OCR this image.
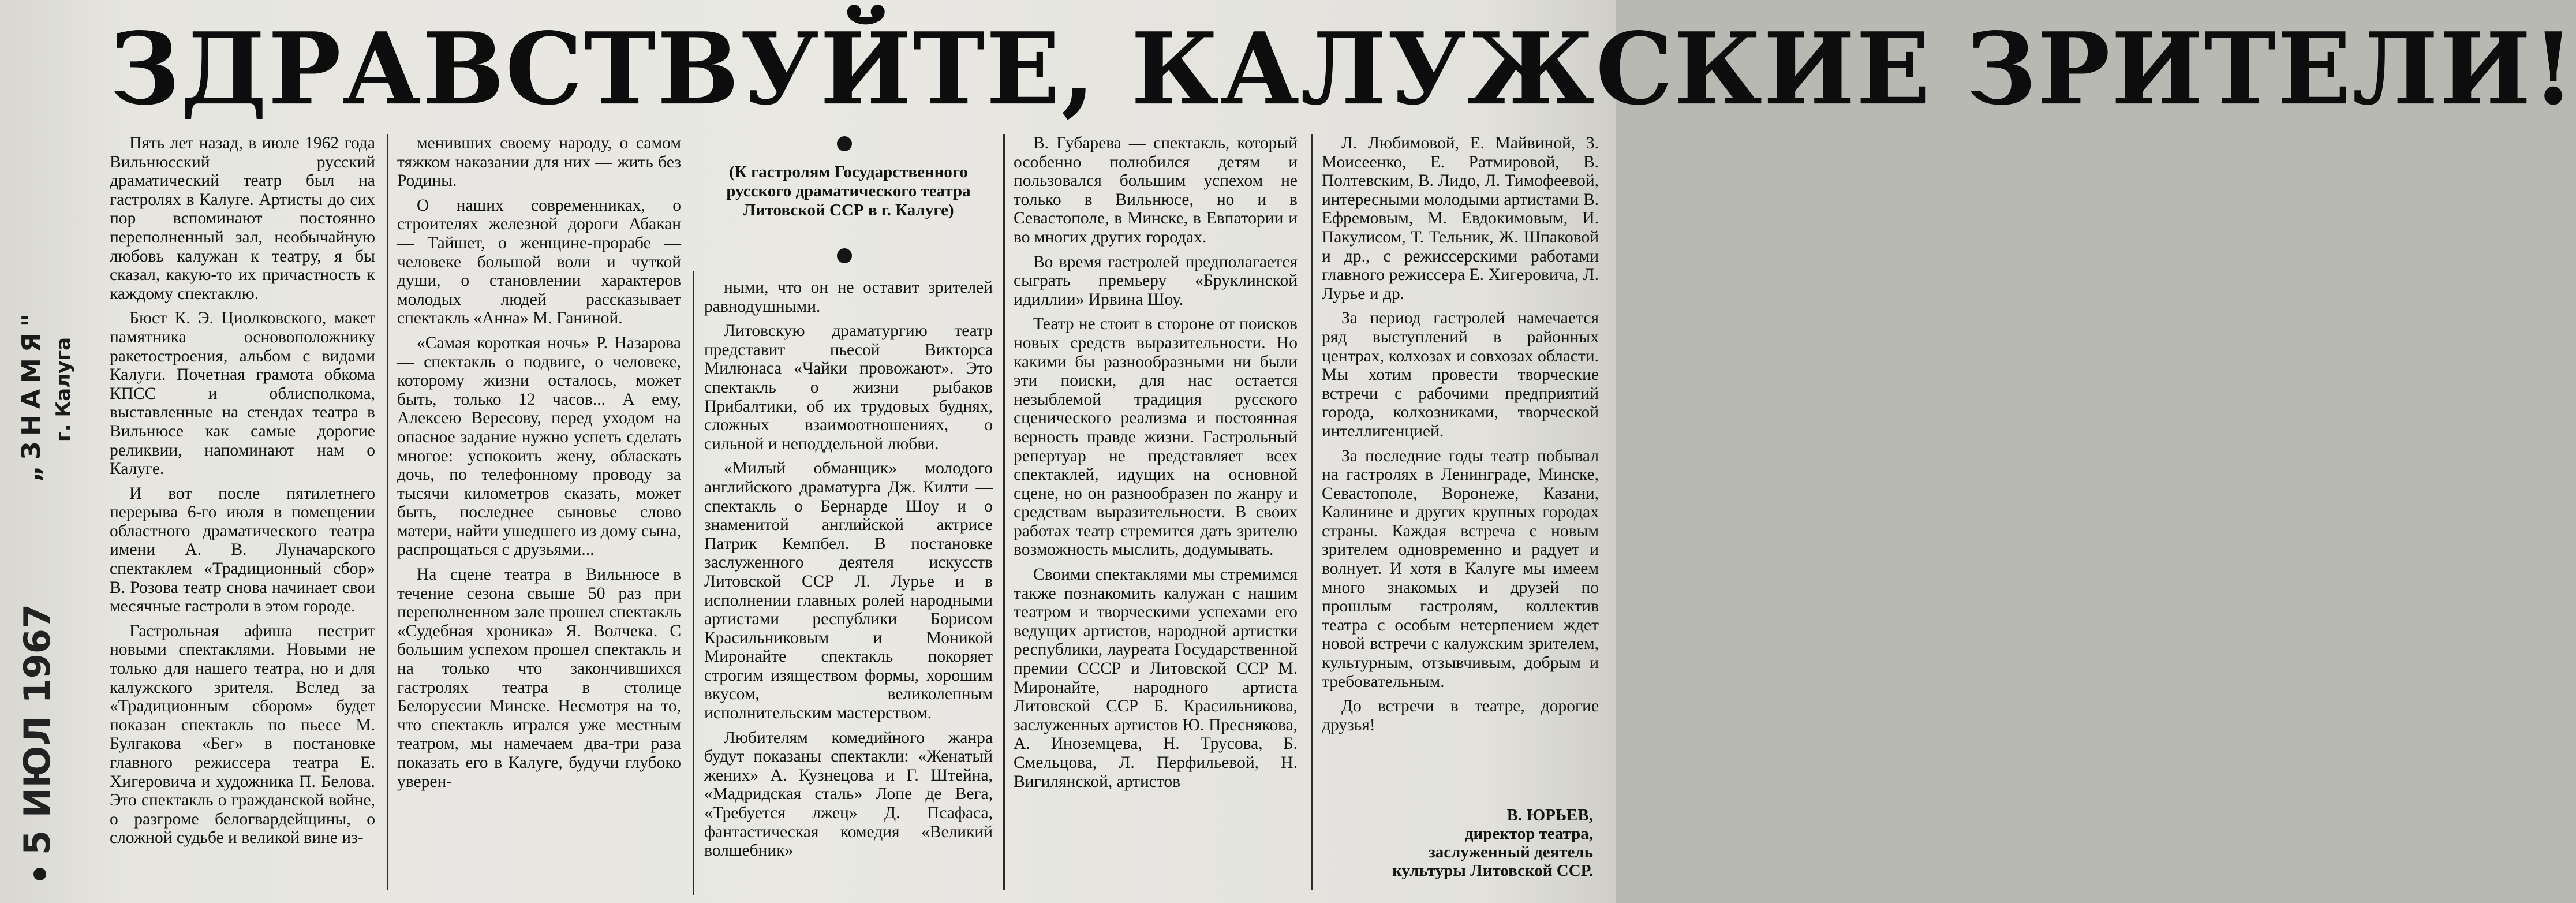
ЗДРАВСТВУЙТЕ, КАЛУЖСКИЕ ЗРИТЕЛИ!
5 ИЮЛ 1967
„ЗНАМЯ" г. Калуга

Пять лет назад, в июле 1962 года Вильнюсский русский драматический театр был на гастролях в Калуге. Артисты до сих пор вспоминают постоянно переполненный зал, необычайную любовь калужан к театру, я бы сказал, какую-то их причастность к каждому спектаклю.

Бюст К. Э. Циолковского, макет памятника основоположнику ракетостроения, альбом с видами Калуги. Почетная грамота обкома КПСС и облисполкома, выставленные на стендах театра в Вильнюсе как самые дорогие реликвии, напоминают нам о Калуге.

И вот после пятилетнего перерыва 6-го июля в помещении областного драматического театра имени А. В. Луначарского спектаклем «Традиционный сбор» В. Розова театр снова начинает свои месячные гастроли в этом городе.

Гастрольная афиша пестрит новыми спектаклями. Новыми не только для нашего театра, но и для калужского зрителя. Вслед за «Традиционным сбором» будет показан спектакль по пьесе М. Булгакова «Бег» в постановке главного режиссера театра Е. Хигеровича и художника П. Белова. Это спектакль о гражданской войне, о разгроме белогвардейщины, о сложной судьбе и великой вине из-

менивших своему народу, о самом тяжком наказании для них — жить без Родины.

О наших современниках, о строителях железной дороги Абакан — Тайшет, о женщине-прорабе — человеке большой воли и чуткой души, о становлении характеров молодых людей рассказывает спектакль «Анна» М. Ганиной.

«Самая короткая ночь» Р. Назарова — спектакль о подвиге, о человеке, которому жизни осталось, может быть, только 12 часов... А ему, Алексею Вересову, перед уходом на опасное задание нужно успеть сделать многое: успокоить жену, обласкать дочь, по телефонному проводу за тысячи километров сказать, может быть, последнее сыновье слово матери, найти ушедшего из дому сына, распрощаться с друзьями...

На сцене театра в Вильнюсе в течение сезона свыше 50 раз при переполненном зале прошел спектакль «Судебная хроника» Я. Волчека. С большим успехом прошел спектакль и на только что закончившихся гастролях театра в столице Белоруссии Минске. Несмотря на то, что спектакль игрался уже местным театром, мы намечаем два-три раза показать его в Калуге, будучи глубоко уверен-

(К гастролям Государственного русского драматического театра Литовской ССР в г. Калуге)

ными, что он не оставит зрителей равнодушными.

Литовскую драматургию театр представит пьесой Викторса Милюнаса «Чайки провожают». Это спектакль о жизни рыбаков Прибалтики, об их трудовых буднях, сложных взаимоотношениях, о сильной и неподдельной любви.

«Милый обманщик» молодого английского драматурга Дж. Килти — спектакль о Бернарде Шоу и о знаменитой английской актрисе Патрик Кемпбел. В постановке заслуженного деятеля искусств Литовской ССР Л. Лурье и в исполнении главных ролей народными артистами республики Борисом Красильниковым и Моникой Миронайте спектакль покоряет строгим изяществом формы, хорошим вкусом, великолепным исполнительским мастерством.

Любителям комедийного жанра будут показаны спектакли: «Женатый жених» А. Кузнецова и Г. Штейна, «Мадридская сталь» Лопе де Вега, «Требуется лжец» Д. Псафаса, фантастическая комедия «Великий волшебник»

В. Губарева — спектакль, который особенно полюбился детям и пользовался большим успехом не только в Вильнюсе, но и в Севастополе, в Минске, в Евпатории и во многих других городах.

Во время гастролей предполагается сыграть премьеру «Бруклинской идиллии» Ирвина Шоу.

Театр не стоит в стороне от поисков новых средств выразительности. Но какими бы разнообразными ни были эти поиски, для нас остается незыблемой традиция русского сценического реализма и постоянная верность правде жизни. Гастрольный репертуар не представляет всех спектаклей, идущих на основной сцене, но он разнообразен по жанру и средствам выразительности. В своих работах театр стремится дать зрителю возможность мыслить, додумывать.

Своими спектаклями мы стремимся также познакомить калужан с нашим театром и творческими успехами его ведущих артистов, народной артистки республики, лауреата Государственной премии СССР и Литовской ССР М. Миронайте, народного артиста Литовской ССР Б. Красильникова, заслуженных артистов Ю. Преснякова, А. Иноземцева, Н. Трусова, Б. Смельцова, Л. Перфильевой, Н. Вигилянской, артистов

Л. Любимовой, Е. Майвиной, З. Моисеенко, Е. Ратмировой, В. Полтевским, В. Лидо, Л. Тимофеевой, интересными молодыми артистами В. Ефремовым, М. Евдокимовым, И. Пакулисом, Т. Тельник, Ж. Шпаковой и др., с режиссерскими работами главного режиссера Е. Хигеровича, Л. Лурье и др.

За период гастролей намечается ряд выступлений в районных центрах, колхозах и совхозах области. Мы хотим провести творческие встречи с рабочими предприятий города, колхозниками, творческой интеллигенцией.

За последние годы театр побывал на гастролях в Ленинграде, Минске, Севастополе, Воронеже, Казани, Калинине и других крупных городах страны. Каждая встреча с новым зрителем одновременно и радует и волнует. И хотя в Калуге мы имеем много знакомых и друзей по прошлым гастролям, коллектив театра с особым нетерпением ждет новой встречи с калужским зрителем, культурным, отзывчивым, добрым и требовательным.

До встречи в театре, дорогие друзья!

В. ЮРЬЕВ,
директор театра,
заслуженный деятель
культуры Литовской ССР.
